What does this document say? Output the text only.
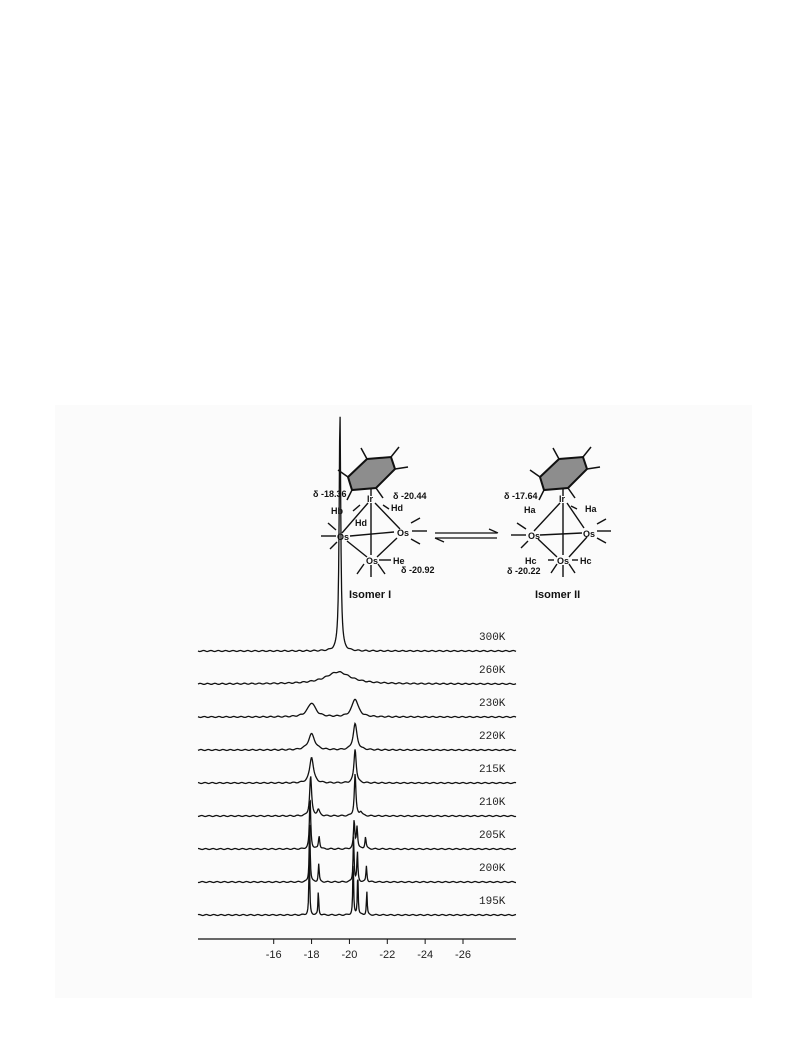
300K
260K
230K
220K
215K
210K
205K
200K
195K
-16 -18 -20 -22 -24 -26
δ -18.36	δ -20.44
Ir
Hb	Hd
Hd
Os	Os
Os He
δ -20.92
Isomer I
δ -17.64 Ir
Ha
Ha
Os	Os
Os
Hc	Hc
δ -20.22
Isomer II
